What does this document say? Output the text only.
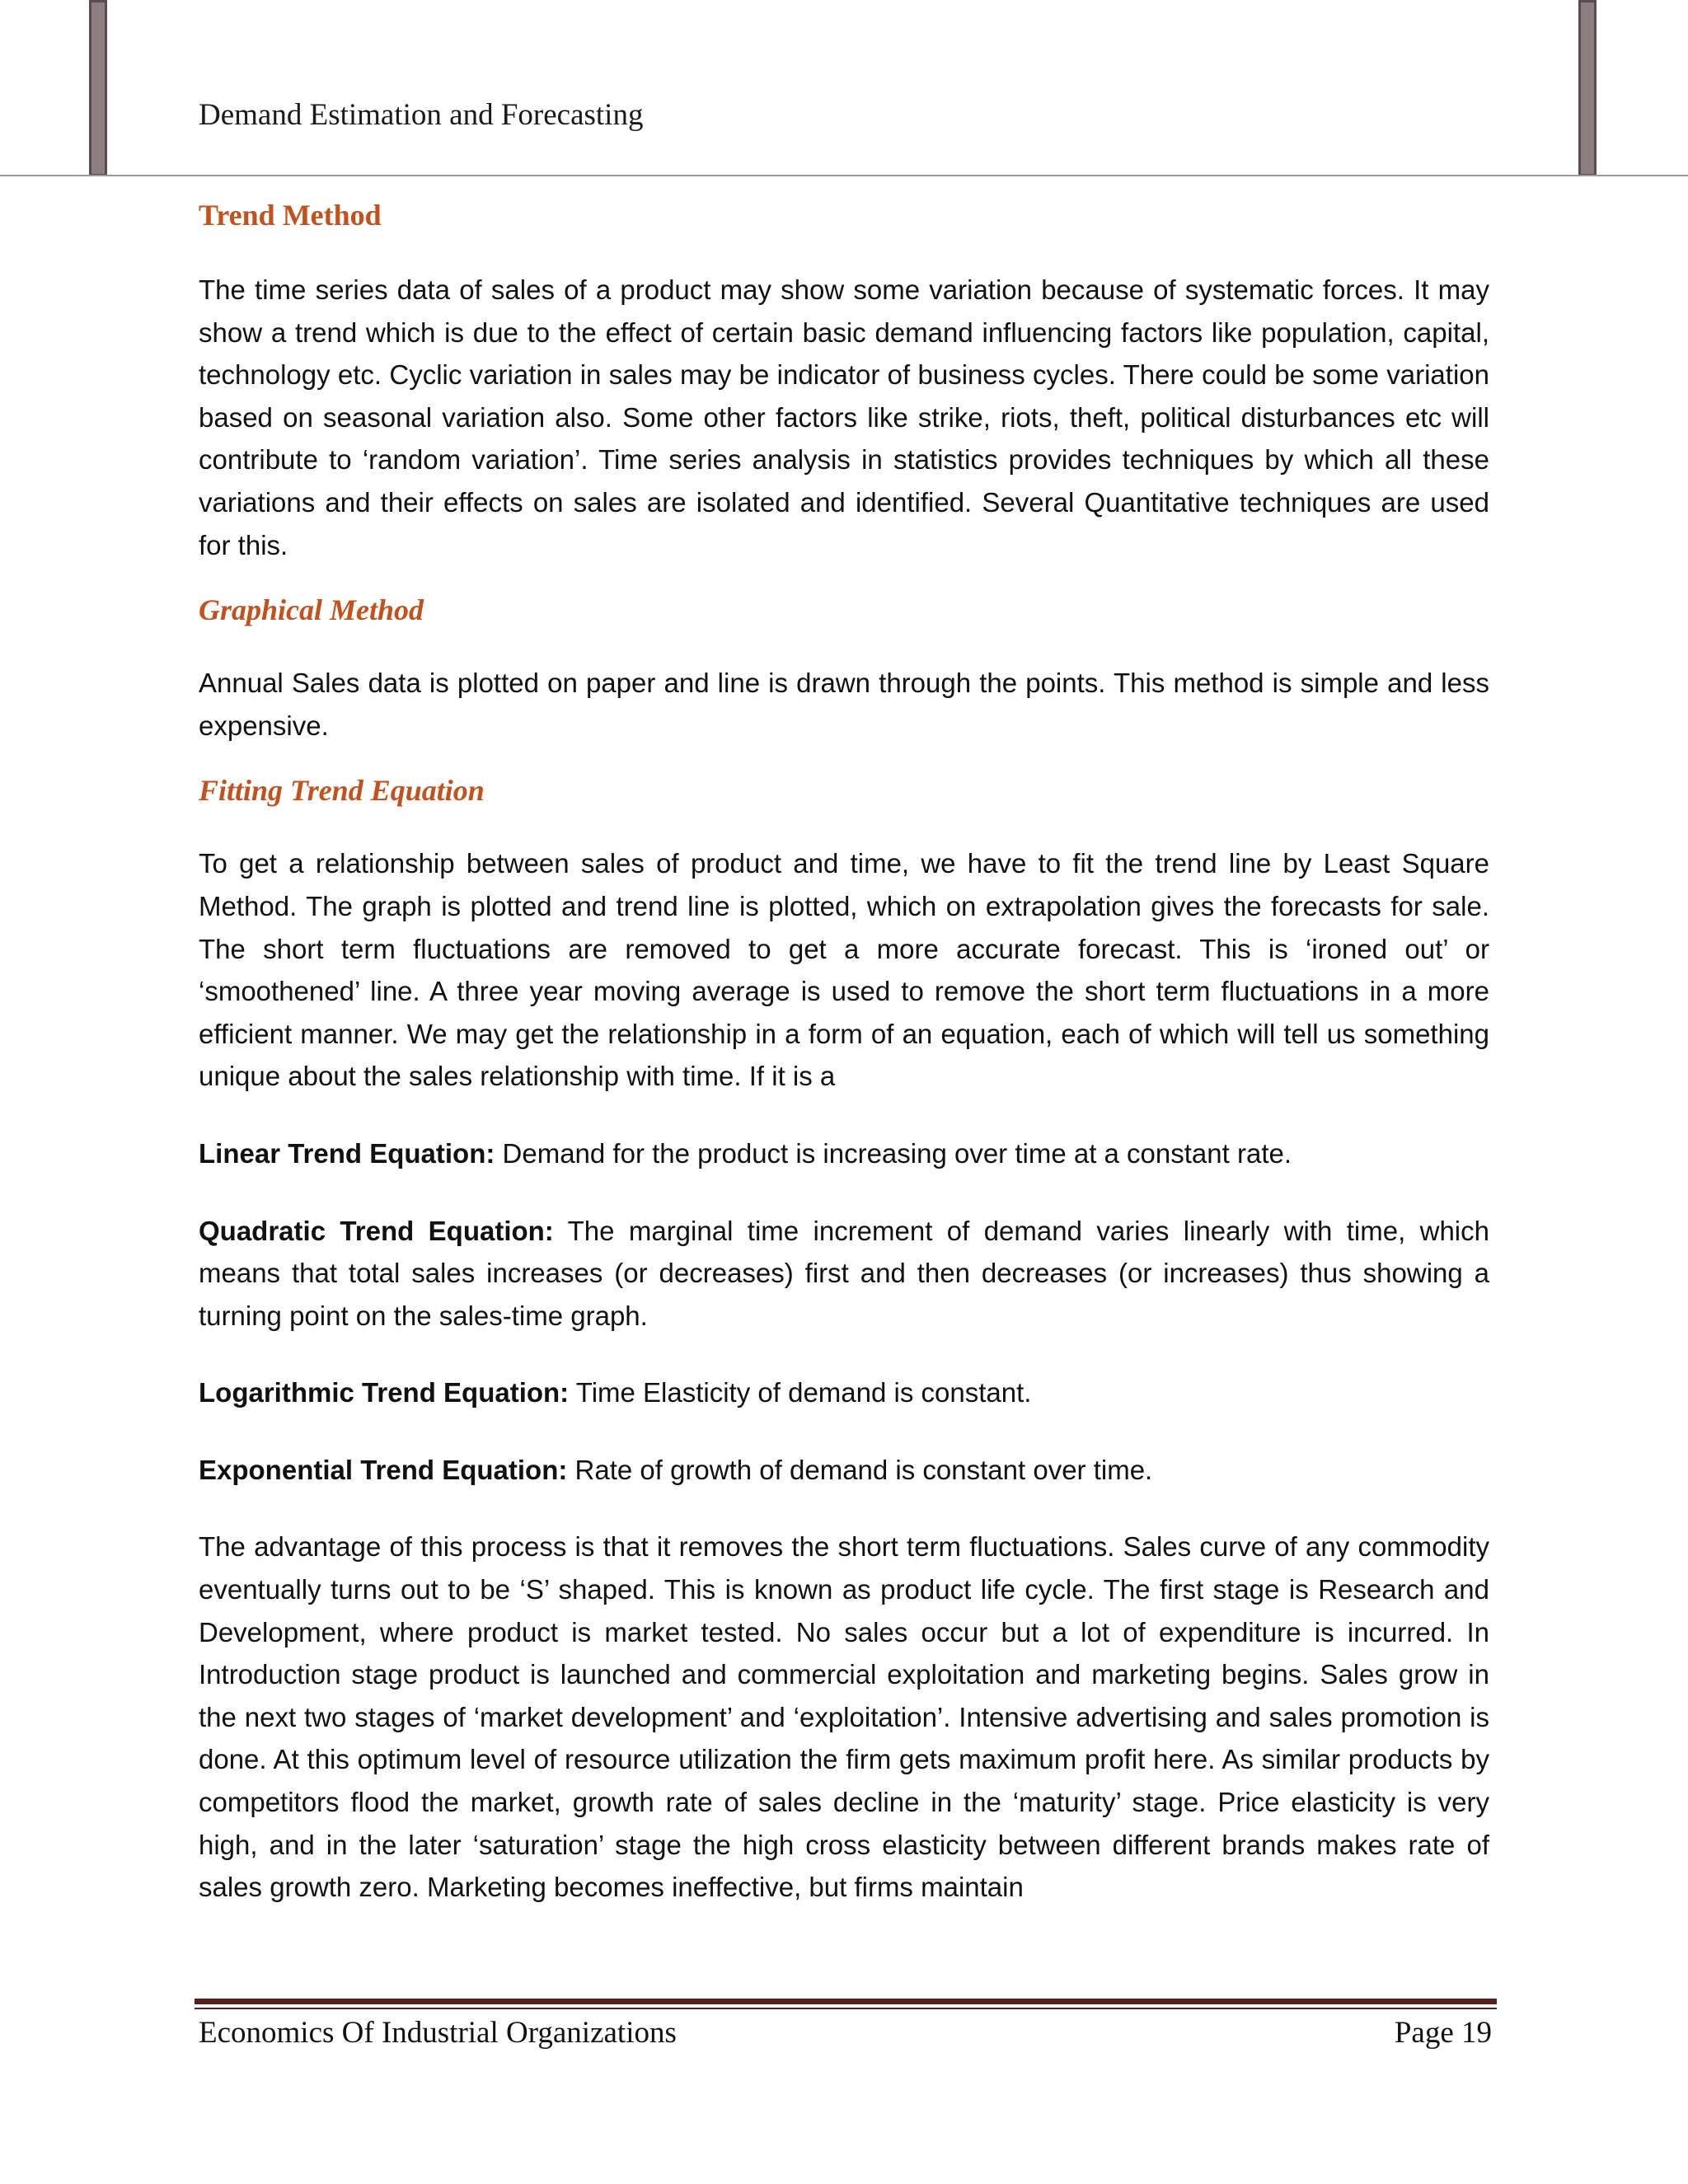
Demand Estimation and Forecasting
Trend Method

The time series data of sales of a product may show some variation because of systematic forces. It may show a trend which is due to the effect of certain basic demand influencing factors like population, capital, technology etc. Cyclic variation in sales may be indicator of business cycles. There could be some variation based on seasonal variation also. Some other factors like strike, riots, theft, political disturbances etc will contribute to ‘random variation’. Time series analysis in statistics provides techniques by which all these variations and their effects on sales are isolated and identified. Several Quantitative techniques are used for this.

Graphical Method

Annual Sales data is plotted on paper and line is drawn through the points. This method is simple and less expensive.

Fitting Trend Equation

To get a relationship between sales of product and time, we have to fit the trend line by Least Square Method. The graph is plotted and trend line is plotted, which on extrapolation gives the forecasts for sale. The short term fluctuations are removed to get a more accurate forecast. This is ‘ironed out’ or ‘smoothened’ line. A three year moving average is used to remove the short term fluctuations in a more efficient manner. We may get the relationship in a form of an equation, each of which will tell us something unique about the sales relationship with time. If it is a

Linear Trend Equation: Demand for the product is increasing over time at a constant rate.

Quadratic Trend Equation: The marginal time increment of demand varies linearly with time, which means that total sales increases (or decreases) first and then decreases (or increases) thus showing a turning point on the sales-time graph.

Logarithmic Trend Equation: Time Elasticity of demand is constant.

Exponential Trend Equation: Rate of growth of demand is constant over time.

The advantage of this process is that it removes the short term fluctuations. Sales curve of any commodity eventually turns out to be ‘S’ shaped. This is known as product life cycle. The first stage is Research and Development, where product is market tested. No sales occur but a lot of expenditure is incurred. In Introduction stage product is launched and commercial exploitation and marketing begins. Sales grow in the next two stages of ‘market development’ and ‘exploitation’. Intensive advertising and sales promotion is done. At this optimum level of resource utilization the firm gets maximum profit here. As similar products by competitors flood the market, growth rate of sales decline in the ‘maturity’ stage. Price elasticity is very high, and in the later ‘saturation’ stage the high cross elasticity between different brands makes rate of sales growth zero. Marketing becomes ineffective, but firms maintain

Economics Of Industrial Organizations	Page 19
